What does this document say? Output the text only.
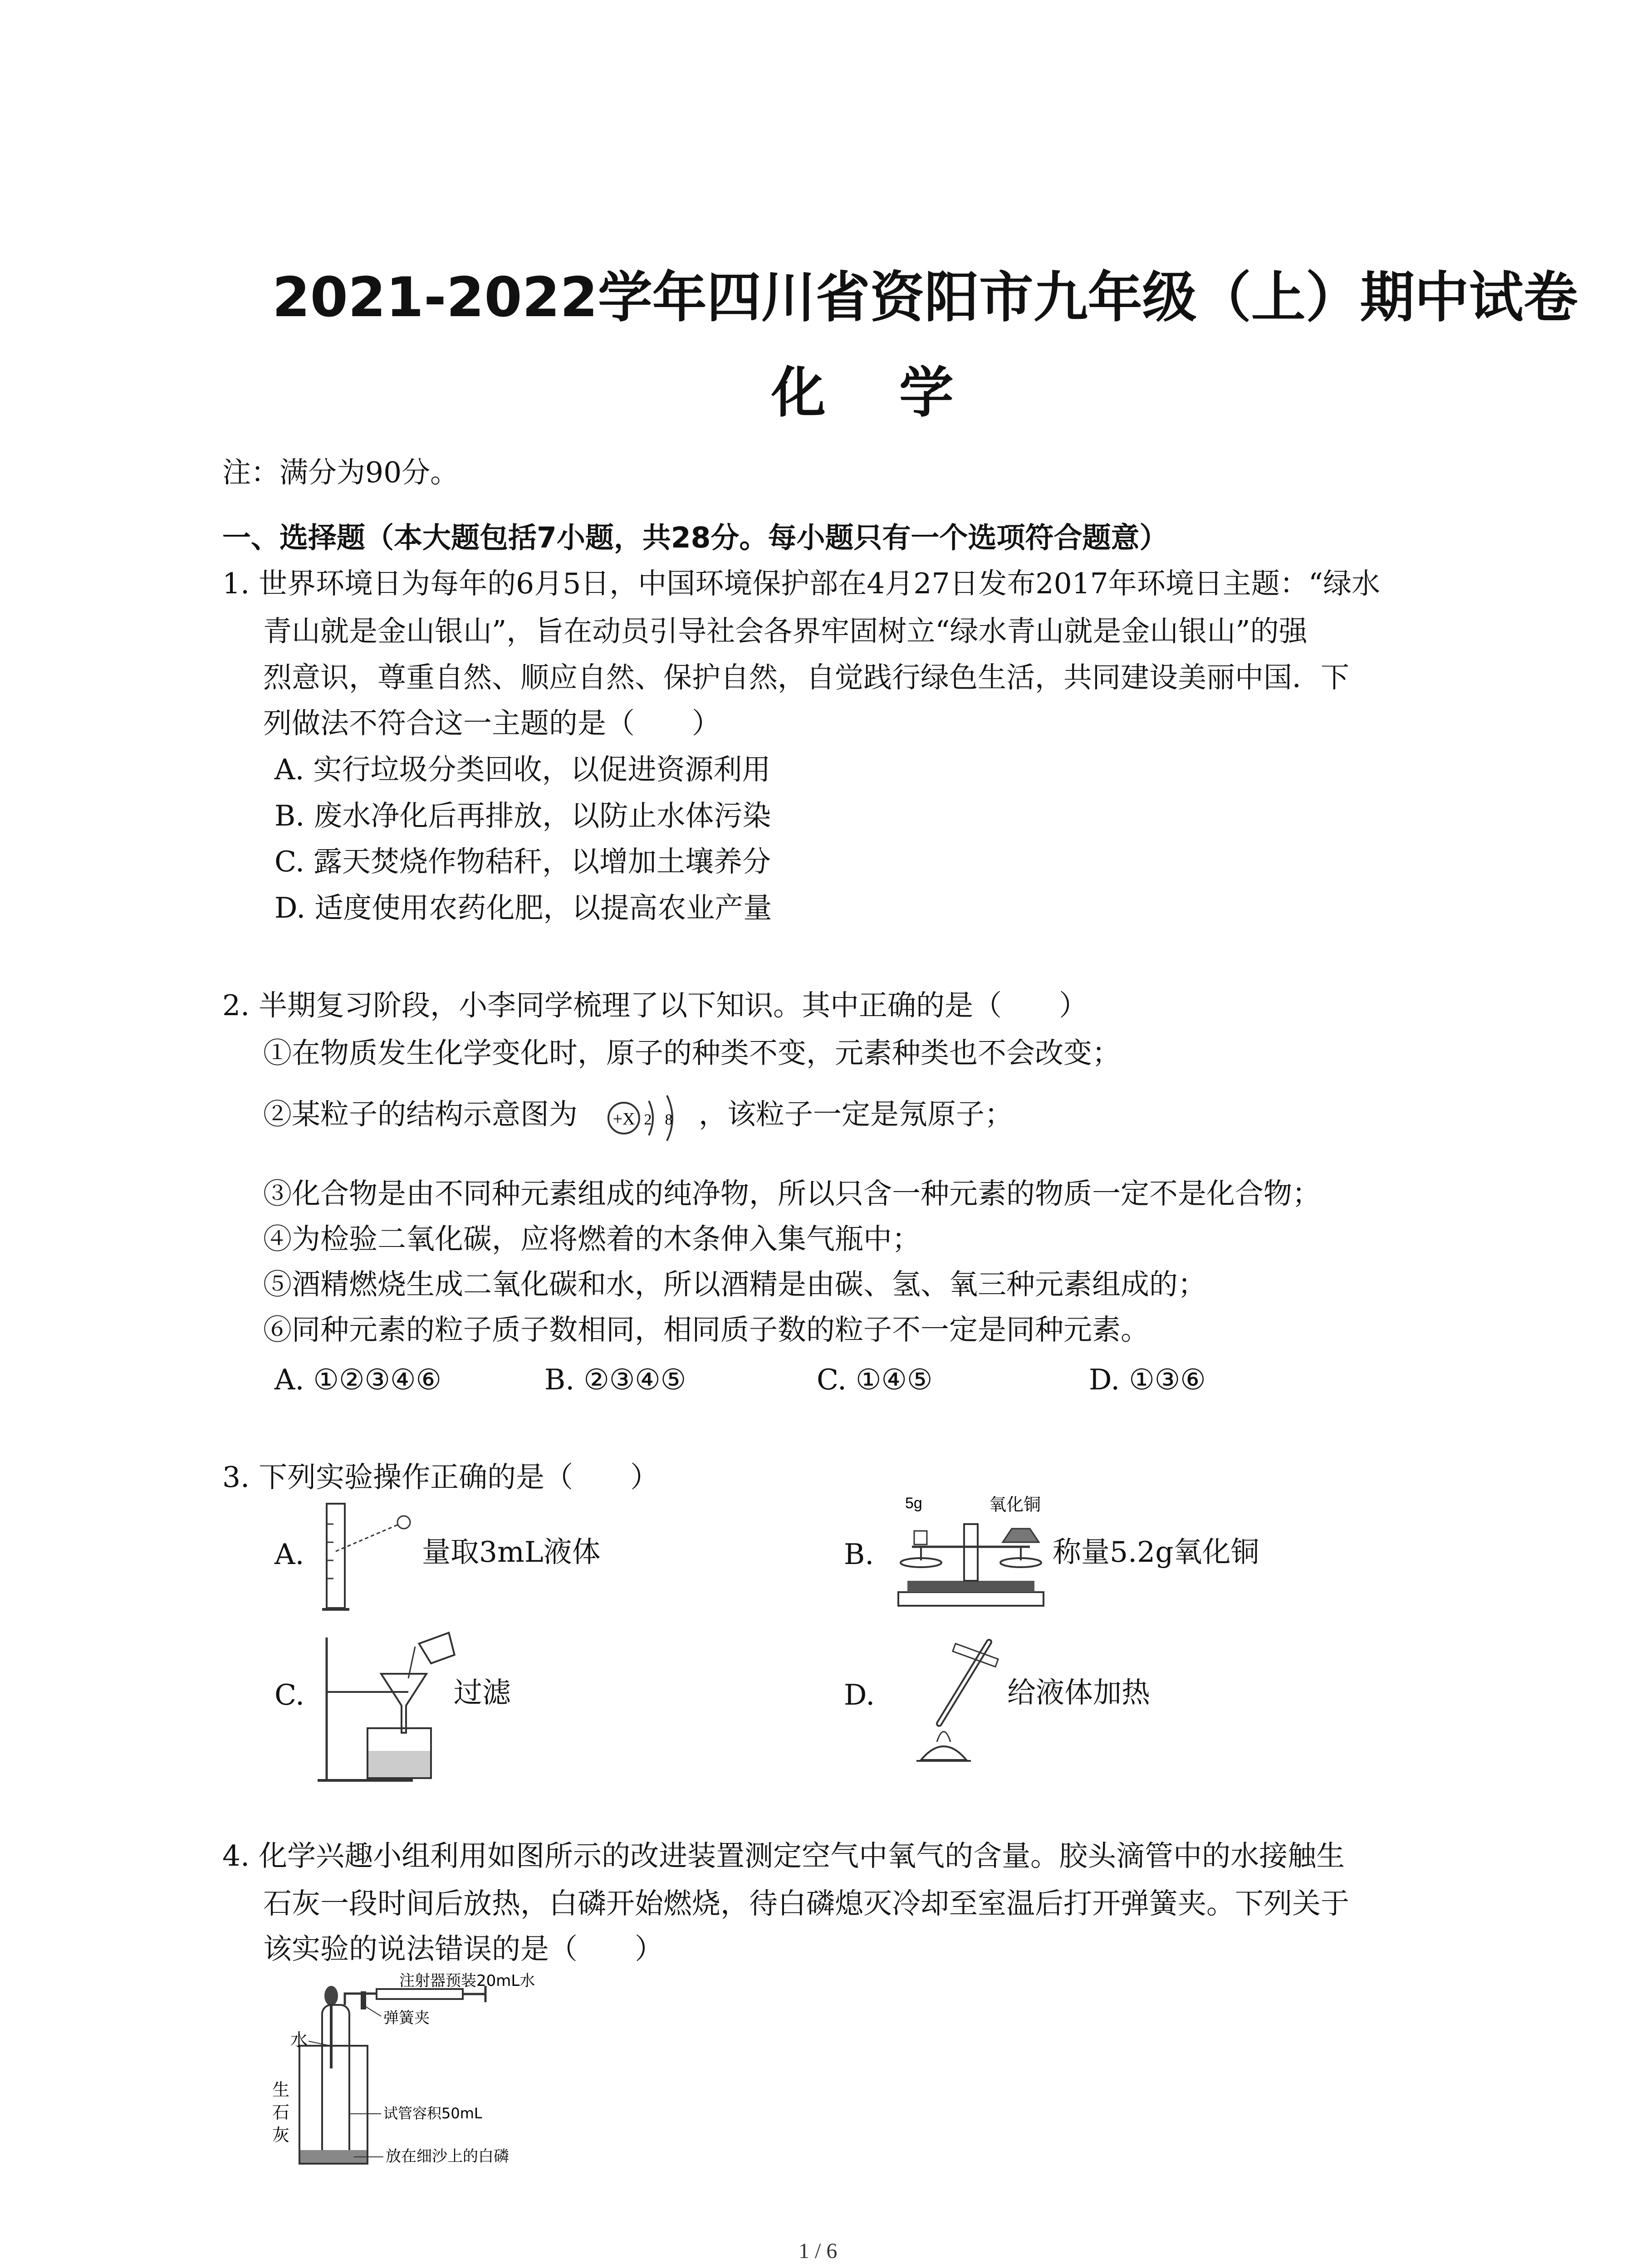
2021-2022学年四川省资阳市九年级（上）期中试卷
化 学
注：满分为90分。
一、选择题（本大题包括7小题，共28分。每小题只有一个选项符合题意）
1. 世界环境日为每年的6月5日，中国环境保护部在4月27日发布2017年环境日主题：“绿水
青山就是金山银山”，旨在动员引导社会各界牢固树立“绿水青山就是金山银山”的强
烈意识，尊重自然、顺应自然、保护自然，自觉践行绿色生活，共同建设美丽中国．下
列做法不符合这一主题的是（　　）
A. 实行垃圾分类回收，以促进资源利用
B. 废水净化后再排放，以防止水体污染
C. 露天焚烧作物秸秆，以增加土壤养分
D. 适度使用农药化肥，以提高农业产量
2. 半期复习阶段，小李同学梳理了以下知识。其中正确的是（　　）
①在物质发生化学变化时，原子的种类不变，元素种类也不会改变；
②某粒子的结构示意图为 +X 2 8 ，该粒子一定是氖原子；
③化合物是由不同种元素组成的纯净物，所以只含一种元素的物质一定不是化合物；
④为检验二氧化碳，应将燃着的木条伸入集气瓶中；
⑤酒精燃烧生成二氧化碳和水，所以酒精是由碳、氢、氧三种元素组成的；
⑥同种元素的粒子质子数相同，相同质子数的粒子不一定是同种元素。
A. ①②③④⑥	B. ②③④⑤	C. ①④⑤	D. ①③⑥
3. 下列实验操作正确的是（　　）
A.	量取3mL液体	B.
5g	氧化铜
称量5.2g氧化铜
C.	过滤	D.	给液体加热
4. 化学兴趣小组利用如图所示的改进装置测定空气中氧气的含量。胶头滴管中的水接触生
石灰一段时间后放热，白磷开始燃烧，待白磷熄灭冷却至室温后打开弹簧夹。下列关于
该实验的说法错误的是（　　）
注射器预装20mL水
水
弹簧夹
生
石
灰
试管容积50mL
放在细沙上的白磷
1 / 6
